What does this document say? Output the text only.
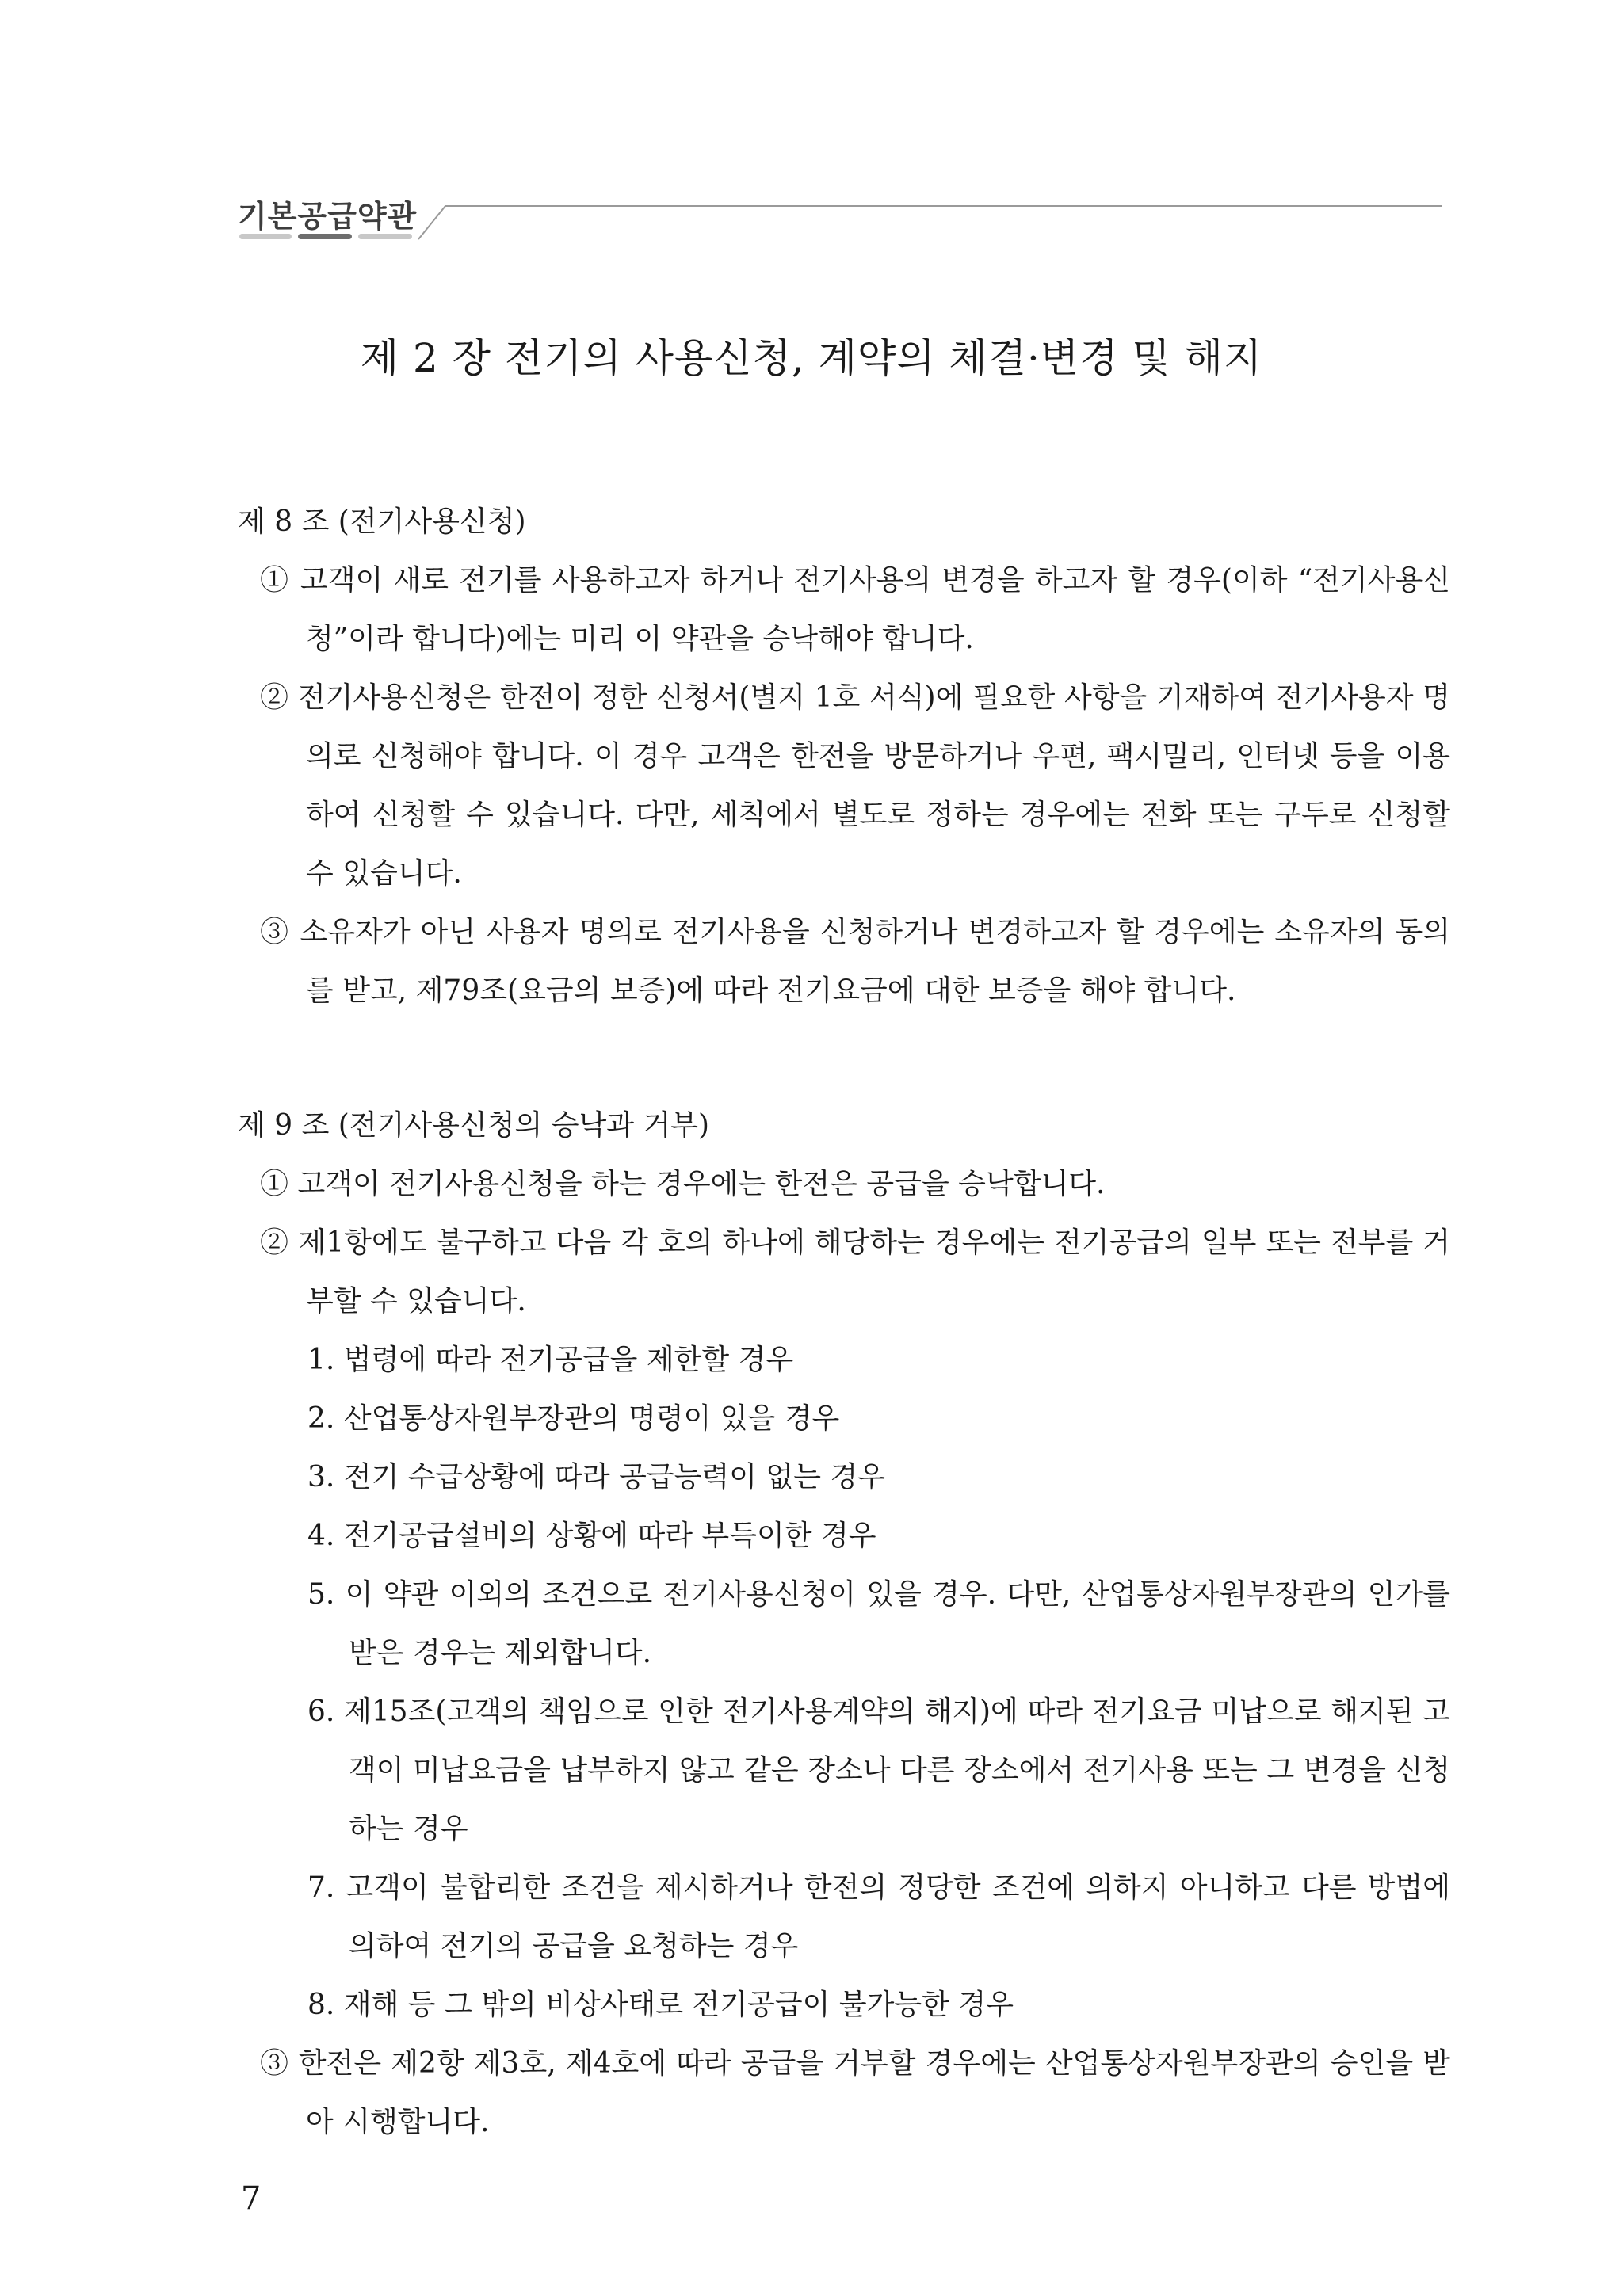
기본공급약관
제 2 장 전기의 사용신청, 계약의 체결·변경 및 해지

제 8 조 (전기사용신청)

① 고객이 새로 전기를 사용하고자 하거나 전기사용의 변경을 하고자 할 경우(이하 “전기사용신청”이라 합니다)에는 미리 이 약관을 승낙해야 합니다.

② 전기사용신청은 한전이 정한 신청서(별지 1호 서식)에 필요한 사항을 기재하여 전기사용자 명의로 신청해야 합니다. 이 경우 고객은 한전을 방문하거나 우편, 팩시밀리, 인터넷 등을 이용하여 신청할 수 있습니다. 다만, 세칙에서 별도로 정하는 경우에는 전화 또는 구두로 신청할 수 있습니다.

③ 소유자가 아닌 사용자 명의로 전기사용을 신청하거나 변경하고자 할 경우에는 소유자의 동의를 받고, 제79조(요금의 보증)에 따라 전기요금에 대한 보증을 해야 합니다.

제 9 조 (전기사용신청의 승낙과 거부)

① 고객이 전기사용신청을 하는 경우에는 한전은 공급을 승낙합니다.

② 제1항에도 불구하고 다음 각 호의 하나에 해당하는 경우에는 전기공급의 일부 또는 전부를 거부할 수 있습니다.

1. 법령에 따라 전기공급을 제한할 경우

2. 산업통상자원부장관의 명령이 있을 경우

3. 전기 수급상황에 따라 공급능력이 없는 경우

4. 전기공급설비의 상황에 따라 부득이한 경우

5. 이 약관 이외의 조건으로 전기사용신청이 있을 경우. 다만, 산업통상자원부장관의 인가를 받은 경우는 제외합니다.

6. 제15조(고객의 책임으로 인한 전기사용계약의 해지)에 따라 전기요금 미납으로 해지된 고객이 미납요금을 납부하지 않고 같은 장소나 다른 장소에서 전기사용 또는 그 변경을 신청하는 경우

7. 고객이 불합리한 조건을 제시하거나 한전의 정당한 조건에 의하지 아니하고 다른 방법에 의하여 전기의 공급을 요청하는 경우

8. 재해 등 그 밖의 비상사태로 전기공급이 불가능한 경우

③ 한전은 제2항 제3호, 제4호에 따라 공급을 거부할 경우에는 산업통상자원부장관의 승인을 받아 시행합니다.

7
